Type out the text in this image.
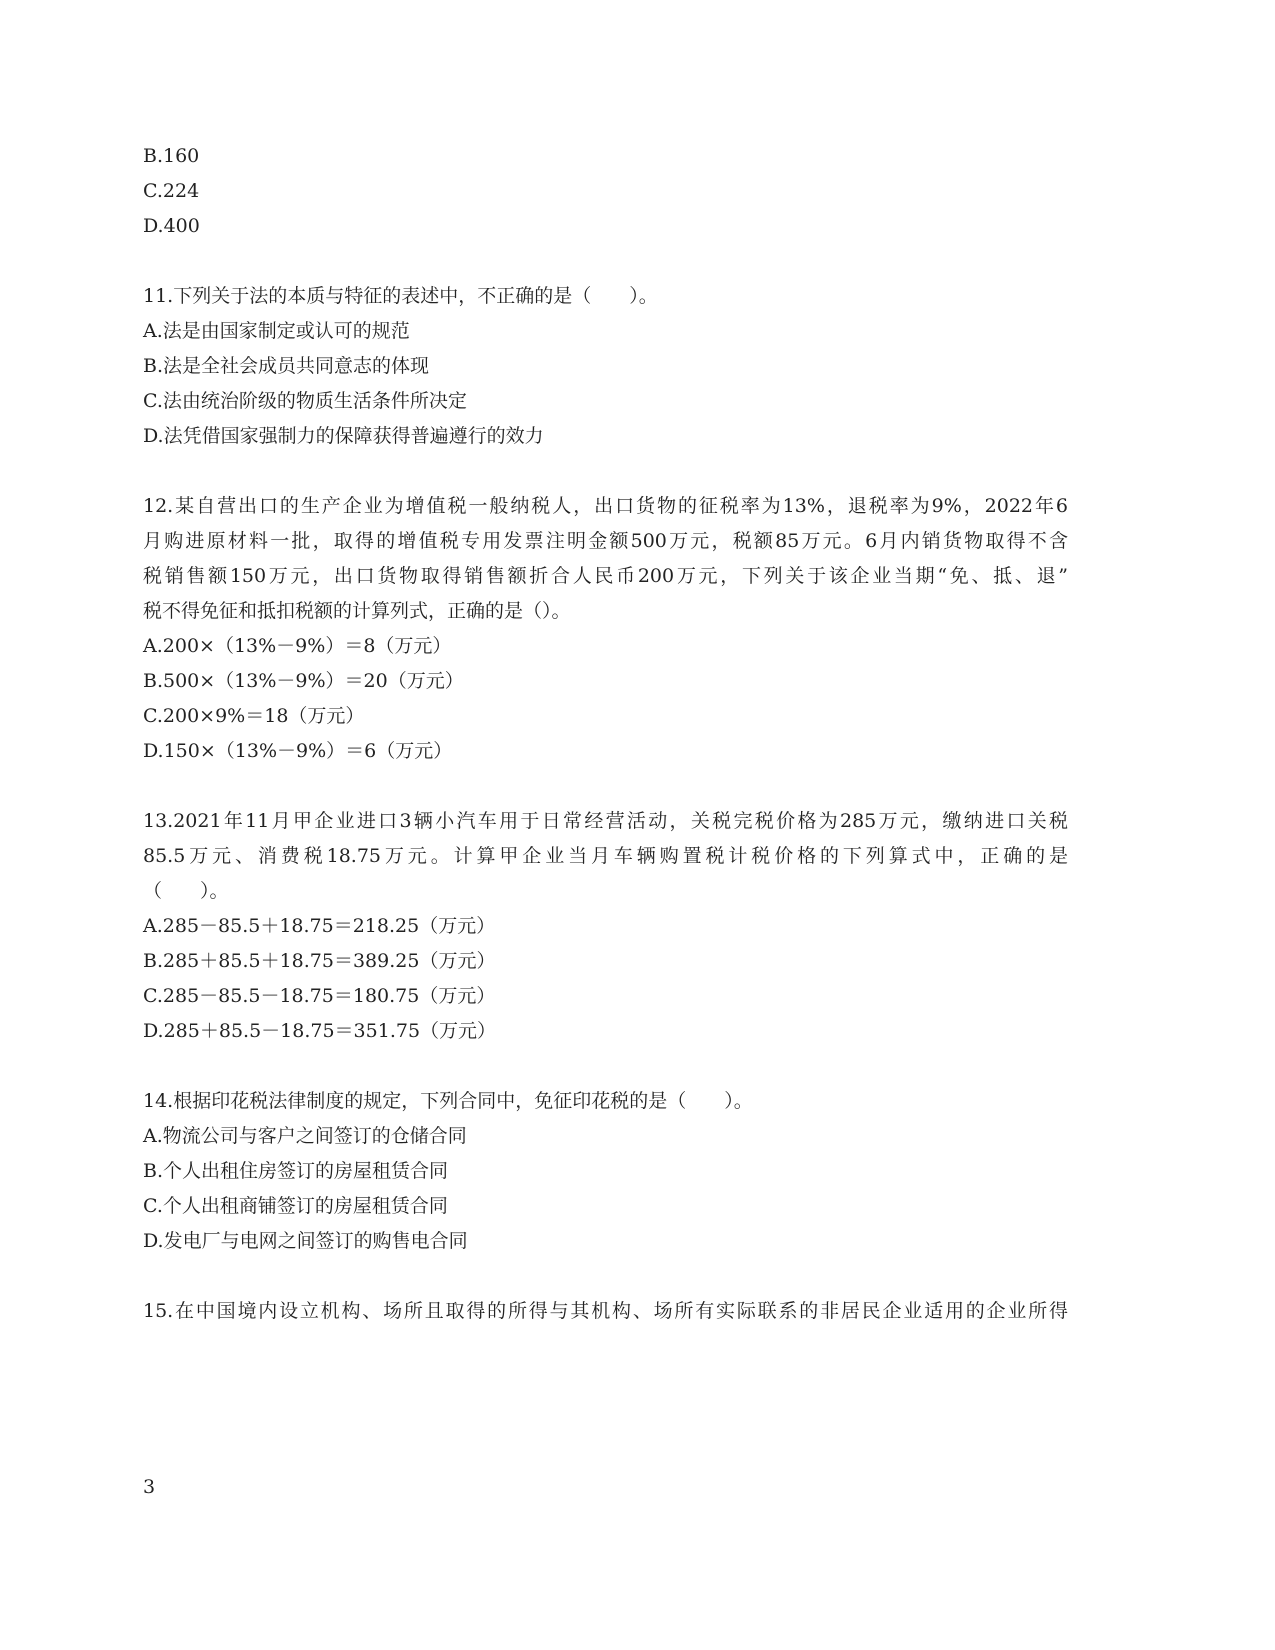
B.160
C.224
D.400
11.下列关于法的本质与特征的表述中，不正确的是（　　）。
A.法是由国家制定或认可的规范
B.法是全社会成员共同意志的体现
C.法由统治阶级的物质生活条件所决定
D.法凭借国家强制力的保障获得普遍遵行的效力
12.某自营出口的生产企业为增值税一般纳税人，出口货物的征税率为13%，退税率为9%，2022年6
月购进原材料一批，取得的增值税专用发票注明金额500万元，税额85万元。6月内销货物取得不含
税销售额150万元，出口货物取得销售额折合人民币200万元，下列关于该企业当期“免、抵、退”
税不得免征和抵扣税额的计算列式，正确的是（）。
A.200×（13%－9%）＝8（万元）
B.500×（13%－9%）＝20（万元）
C.200×9%＝18（万元）
D.150×（13%－9%）＝6（万元）
13.2021年11月甲企业进口3辆小汽车用于日常经营活动，关税完税价格为285万元，缴纳进口关税
85.5万元、消费税18.75万元。计算甲企业当月车辆购置税计税价格的下列算式中，正确的是
（　　）。
A.285－85.5＋18.75＝218.25（万元）
B.285＋85.5＋18.75＝389.25（万元）
C.285－85.5－18.75＝180.75（万元）
D.285＋85.5－18.75＝351.75（万元）
14.根据印花税法律制度的规定，下列合同中，免征印花税的是（　　）。
A.物流公司与客户之间签订的仓储合同
B.个人出租住房签订的房屋租赁合同
C.个人出租商铺签订的房屋租赁合同
D.发电厂与电网之间签订的购售电合同
15.在中国境内设立机构、场所且取得的所得与其机构、场所有实际联系的非居民企业适用的企业所得
3
